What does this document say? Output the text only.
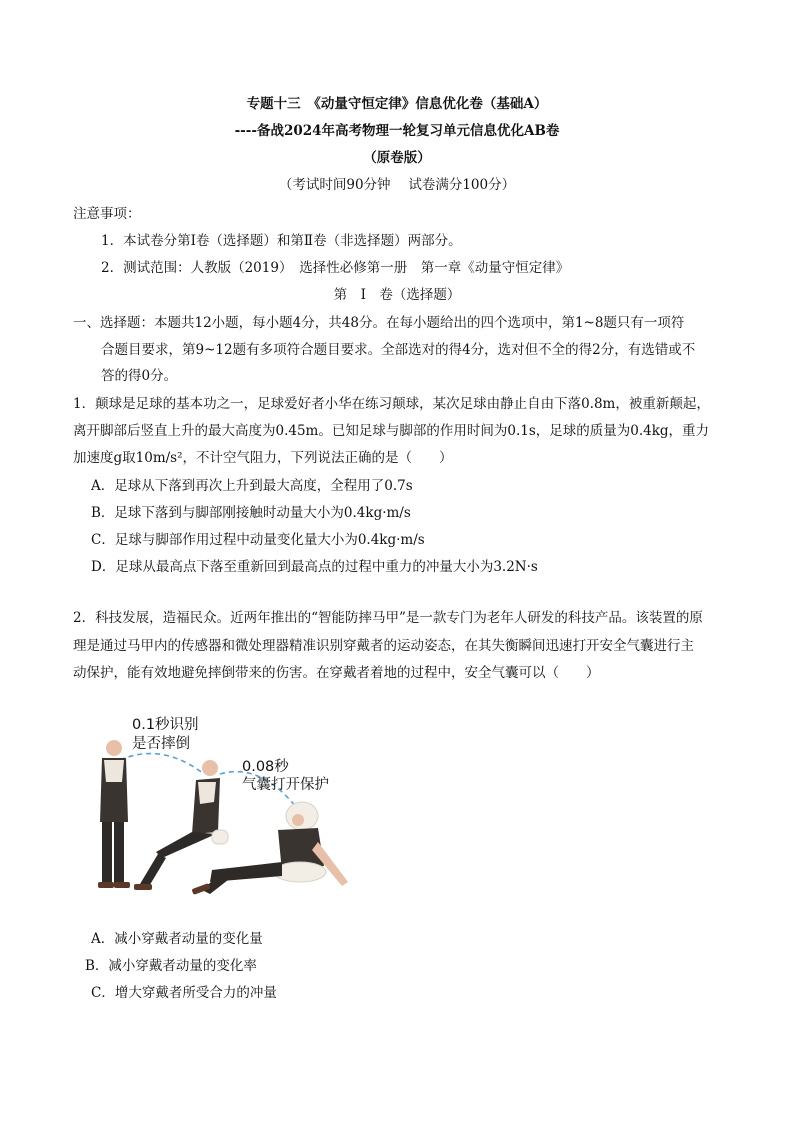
专题十三　《动量守恒定律》信息优化卷（基础A）
----备战2024年高考物理一轮复习单元信息优化AB卷
（原卷版）
（考试时间90分钟　 试卷满分100分）
注意事项：
1．本试卷分第Ⅰ卷（选择题）和第Ⅱ卷（非选择题）两部分。
2．测试范围：人教版（2019）　选择性必修第一册　第一章《动量守恒定律》
第　Ⅰ　卷（选择题）
一、选择题：本题共12小题，每小题4分，共48分。在每小题给出的四个选项中，第1~8题只有一项符
合题目要求，第9~12题有多项符合题目要求。全部选对的得4分，选对但不全的得2分，有选错或不
答的得0分。
1．颠球是足球的基本功之一，足球爱好者小华在练习颠球，某次足球由静止自由下落0.8m，被重新颠起，
离开脚部后竖直上升的最大高度为0.45m。已知足球与脚部的作用时间为0.1s，足球的质量为0.4kg，重力
加速度g取10m/s²，不计空气阻力，下列说法正确的是（　　）
A．足球从下落到再次上升到最大高度，全程用了0.7s
B．足球下落到与脚部刚接触时动量大小为0.4kg·m/s
C．足球与脚部作用过程中动量变化量大小为0.4kg·m/s
D．足球从最高点下落至重新回到最高点的过程中重力的冲量大小为3.2N·s
2．科技发展，造福民众。近两年推出的“智能防摔马甲”是一款专门为老年人研发的科技产品。该装置的原
理是通过马甲内的传感器和微处理器精准识别穿戴者的运动姿态，在其失衡瞬间迅速打开安全气囊进行主
动保护，能有效地避免摔倒带来的伤害。在穿戴者着地的过程中，安全气囊可以（　　）
0.1秒识别
是否摔倒
0.08秒
气囊打开保护
A．减小穿戴者动量的变化量
B．减小穿戴者动量的变化率
C．增大穿戴者所受合力的冲量
